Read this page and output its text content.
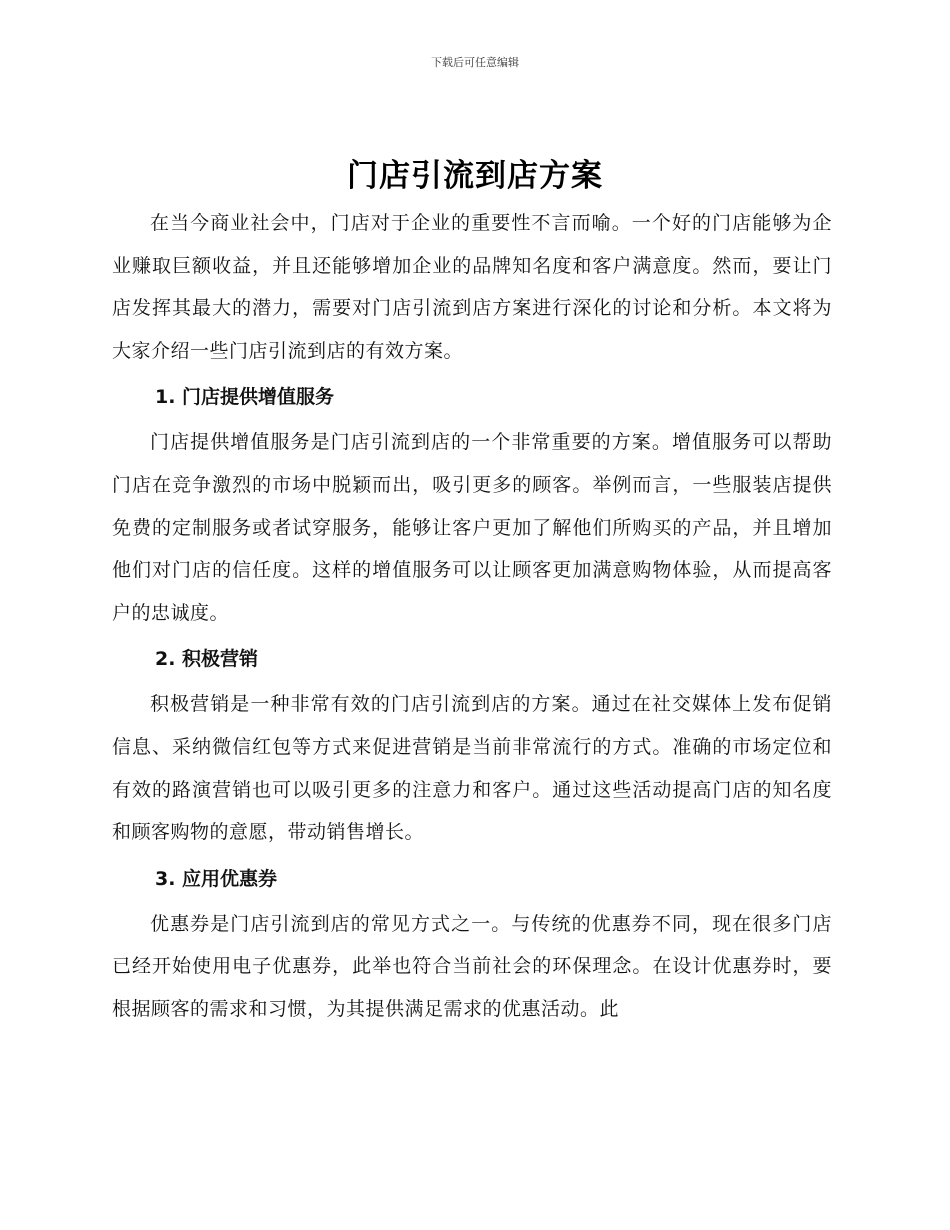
下载后可任意编辑
门店引流到店方案

在当今商业社会中，门店对于企业的重要性不言而喻。一个好的门店能够为企业赚取巨额收益，并且还能够增加企业的品牌知名度和客户满意度。然而，要让门店发挥其最大的潜力，需要对门店引流到店方案进行深化的讨论和分析。本文将为大家介绍一些门店引流到店的有效方案。

1. 门店提供增值服务

门店提供增值服务是门店引流到店的一个非常重要的方案。增值服务可以帮助门店在竞争激烈的市场中脱颖而出，吸引更多的顾客。举例而言，一些服装店提供免费的定制服务或者试穿服务，能够让客户更加了解他们所购买的产品，并且增加他们对门店的信任度。这样的增值服务可以让顾客更加满意购物体验，从而提高客户的忠诚度。

2. 积极营销

积极营销是一种非常有效的门店引流到店的方案。通过在社交媒体上发布促销信息、采纳微信红包等方式来促进营销是当前非常流行的方式。准确的市场定位和有效的路演营销也可以吸引更多的注意力和客户。通过这些活动提高门店的知名度和顾客购物的意愿，带动销售增长。

3. 应用优惠券

优惠券是门店引流到店的常见方式之一。与传统的优惠券不同，现在很多门店已经开始使用电子优惠券，此举也符合当前社会的环保理念。在设计优惠券时，要根据顾客的需求和习惯，为其提供满足需求的优惠活动。此
